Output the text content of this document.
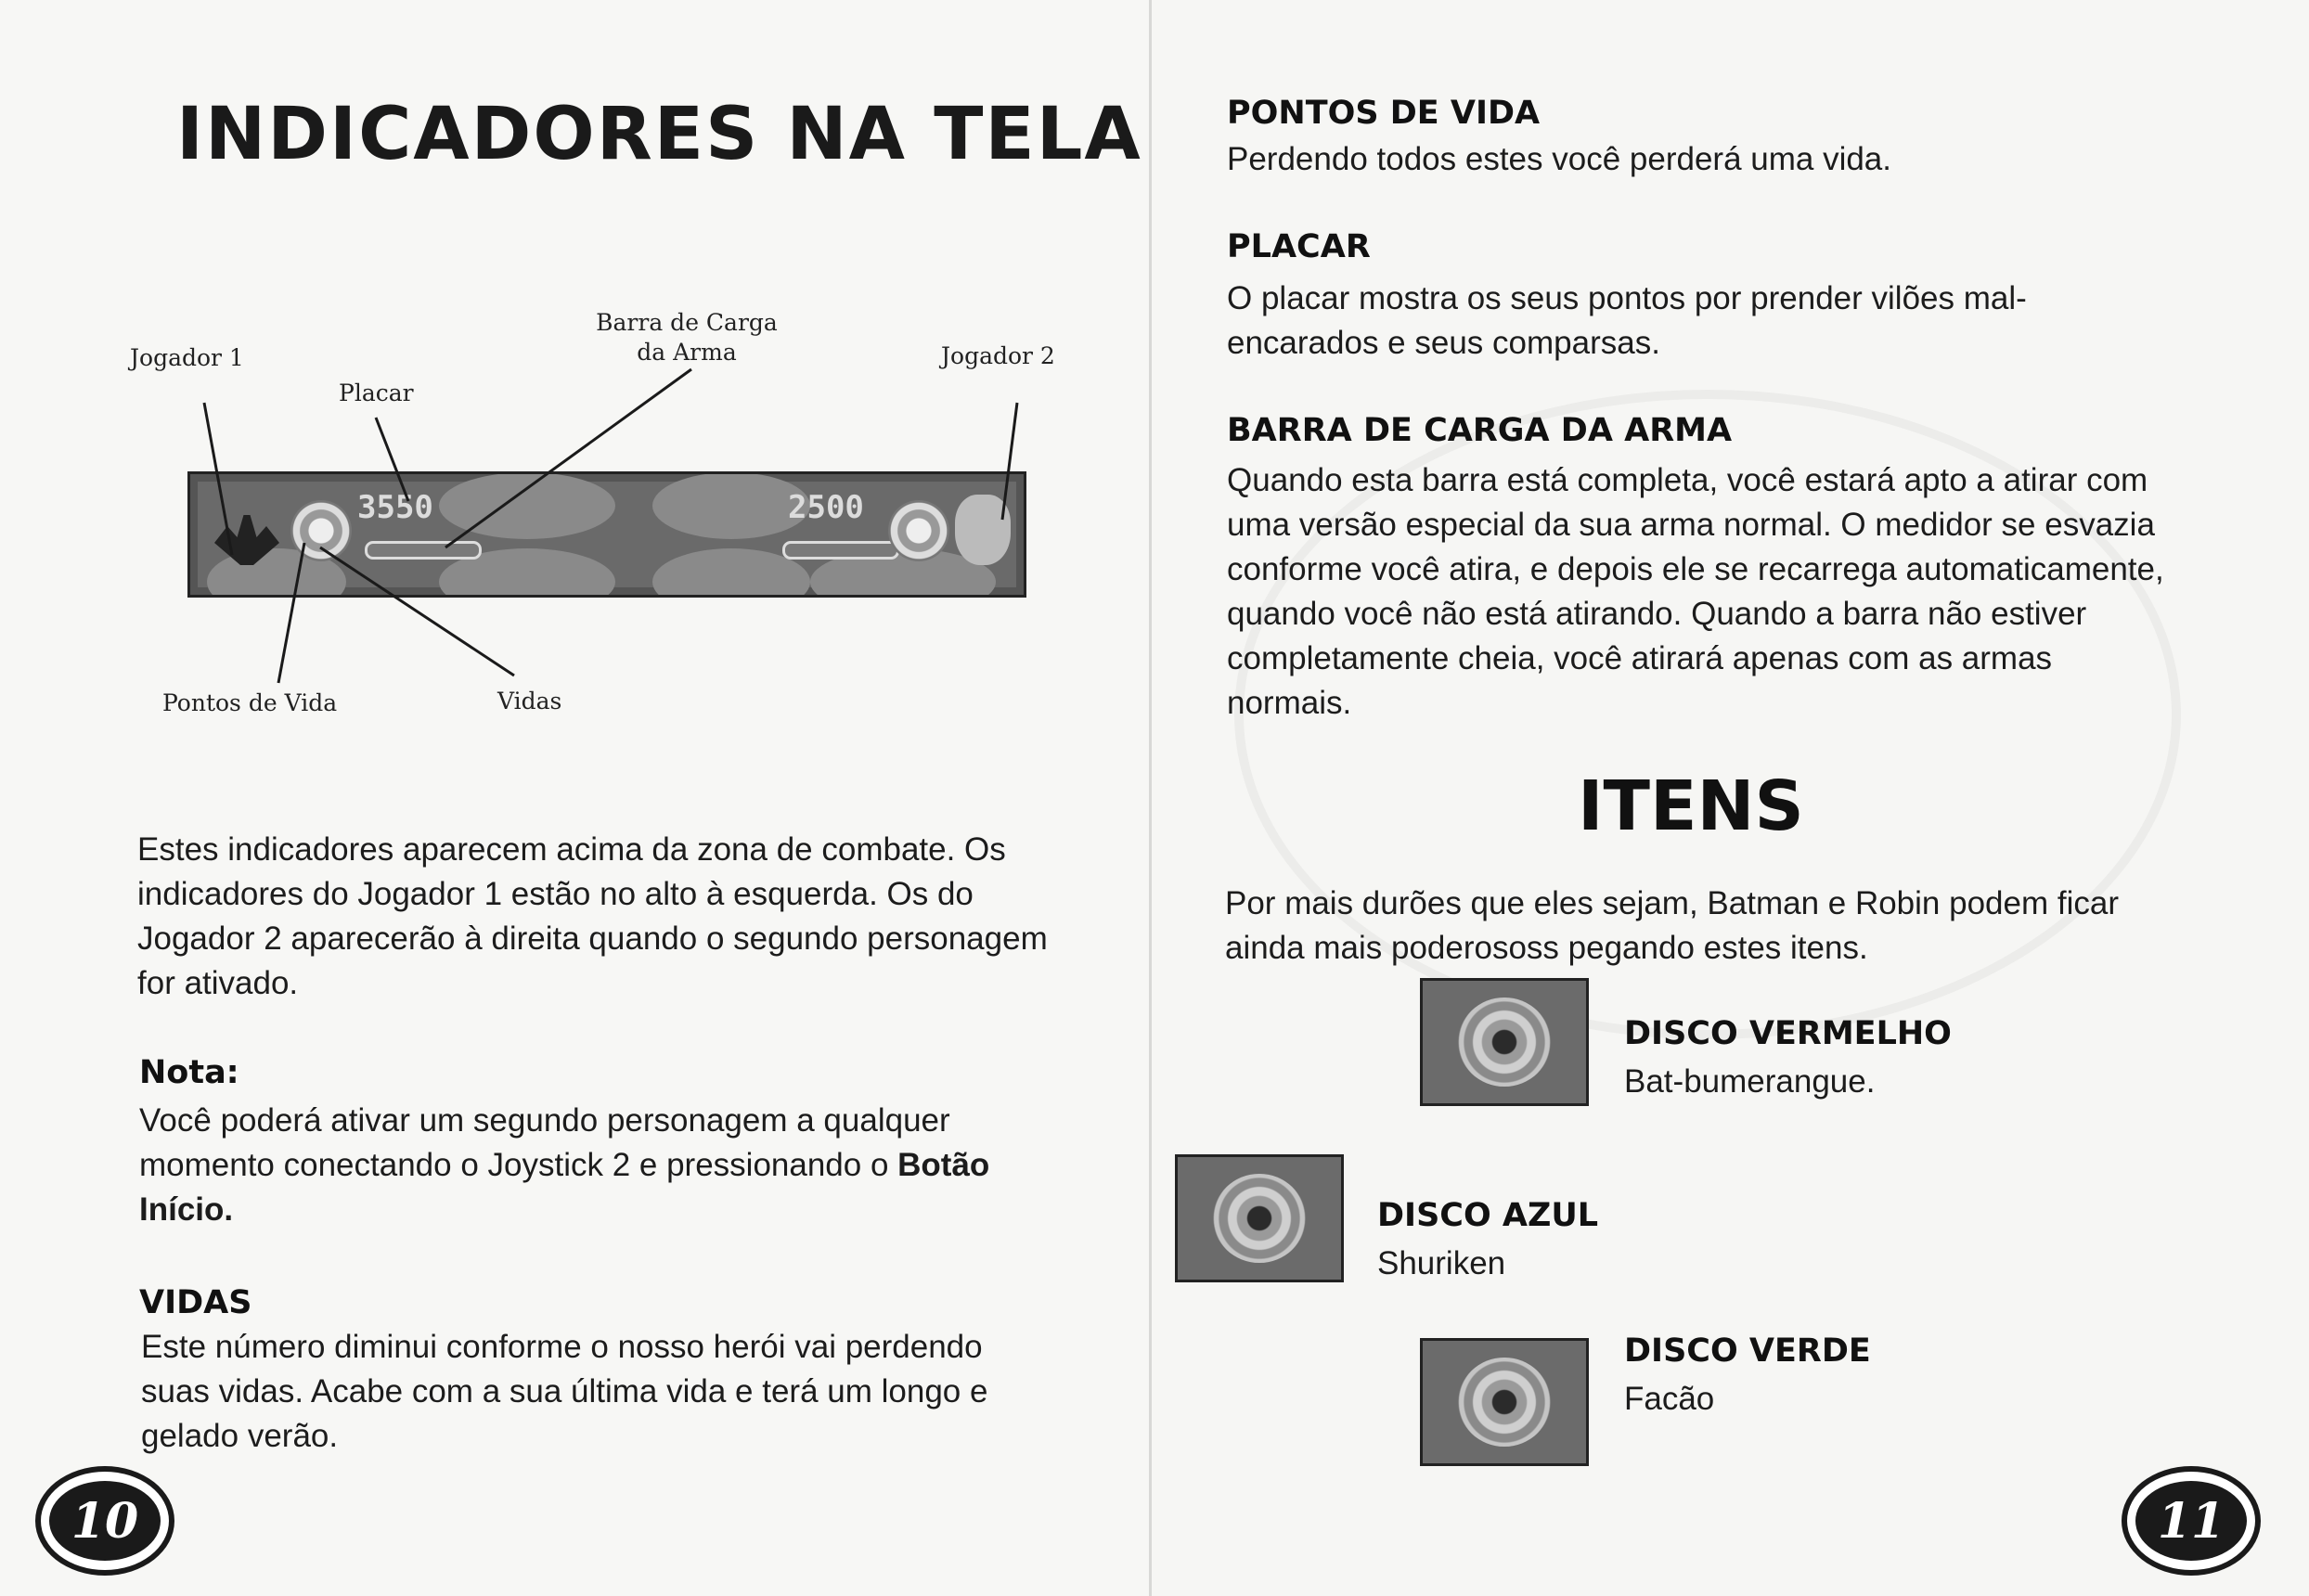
INDICADORES NA TELA
Jogador 1
Placar
Barra de Carga
da Arma	Jogador 2
Pontos de Vida	Vidas
3550	2500
Estes indicadores aparecem acima da zona de combate. Os indicadores do Jogador 1 estão no alto à esquerda. Os do Jogador 2 aparecerão à direita quando o segundo personagem for ativado.
Nota:
Você poderá ativar um segundo personagem a qualquer momento conectando o Joystick 2 e pressionando o Botão Início.
VIDAS
Este número diminui conforme o nosso herói vai perdendo suas vidas. Acabe com a sua última vida e terá um longo e gelado verão.
10
PONTOS DE VIDA
Perdendo todos estes você perderá uma vida.
PLACAR
O placar mostra os seus pontos por prender vilões mal-encarados e seus comparsas.
BARRA DE CARGA DA ARMA
Quando esta barra está completa, você estará apto a atirar com uma versão especial da sua arma normal. O medidor se esvazia conforme você atira, e depois ele se recarrega automaticamente, quando você não está atirando. Quando a barra não estiver completamente cheia, você atirará apenas com as armas normais.
ITENS
Por mais durões que eles sejam, Batman e Robin podem ficar ainda mais poderososs pegando estes itens.
DISCO VERMELHO
Bat-bumerangue.
DISCO AZUL
Shuriken
DISCO VERDE
Facão
11
